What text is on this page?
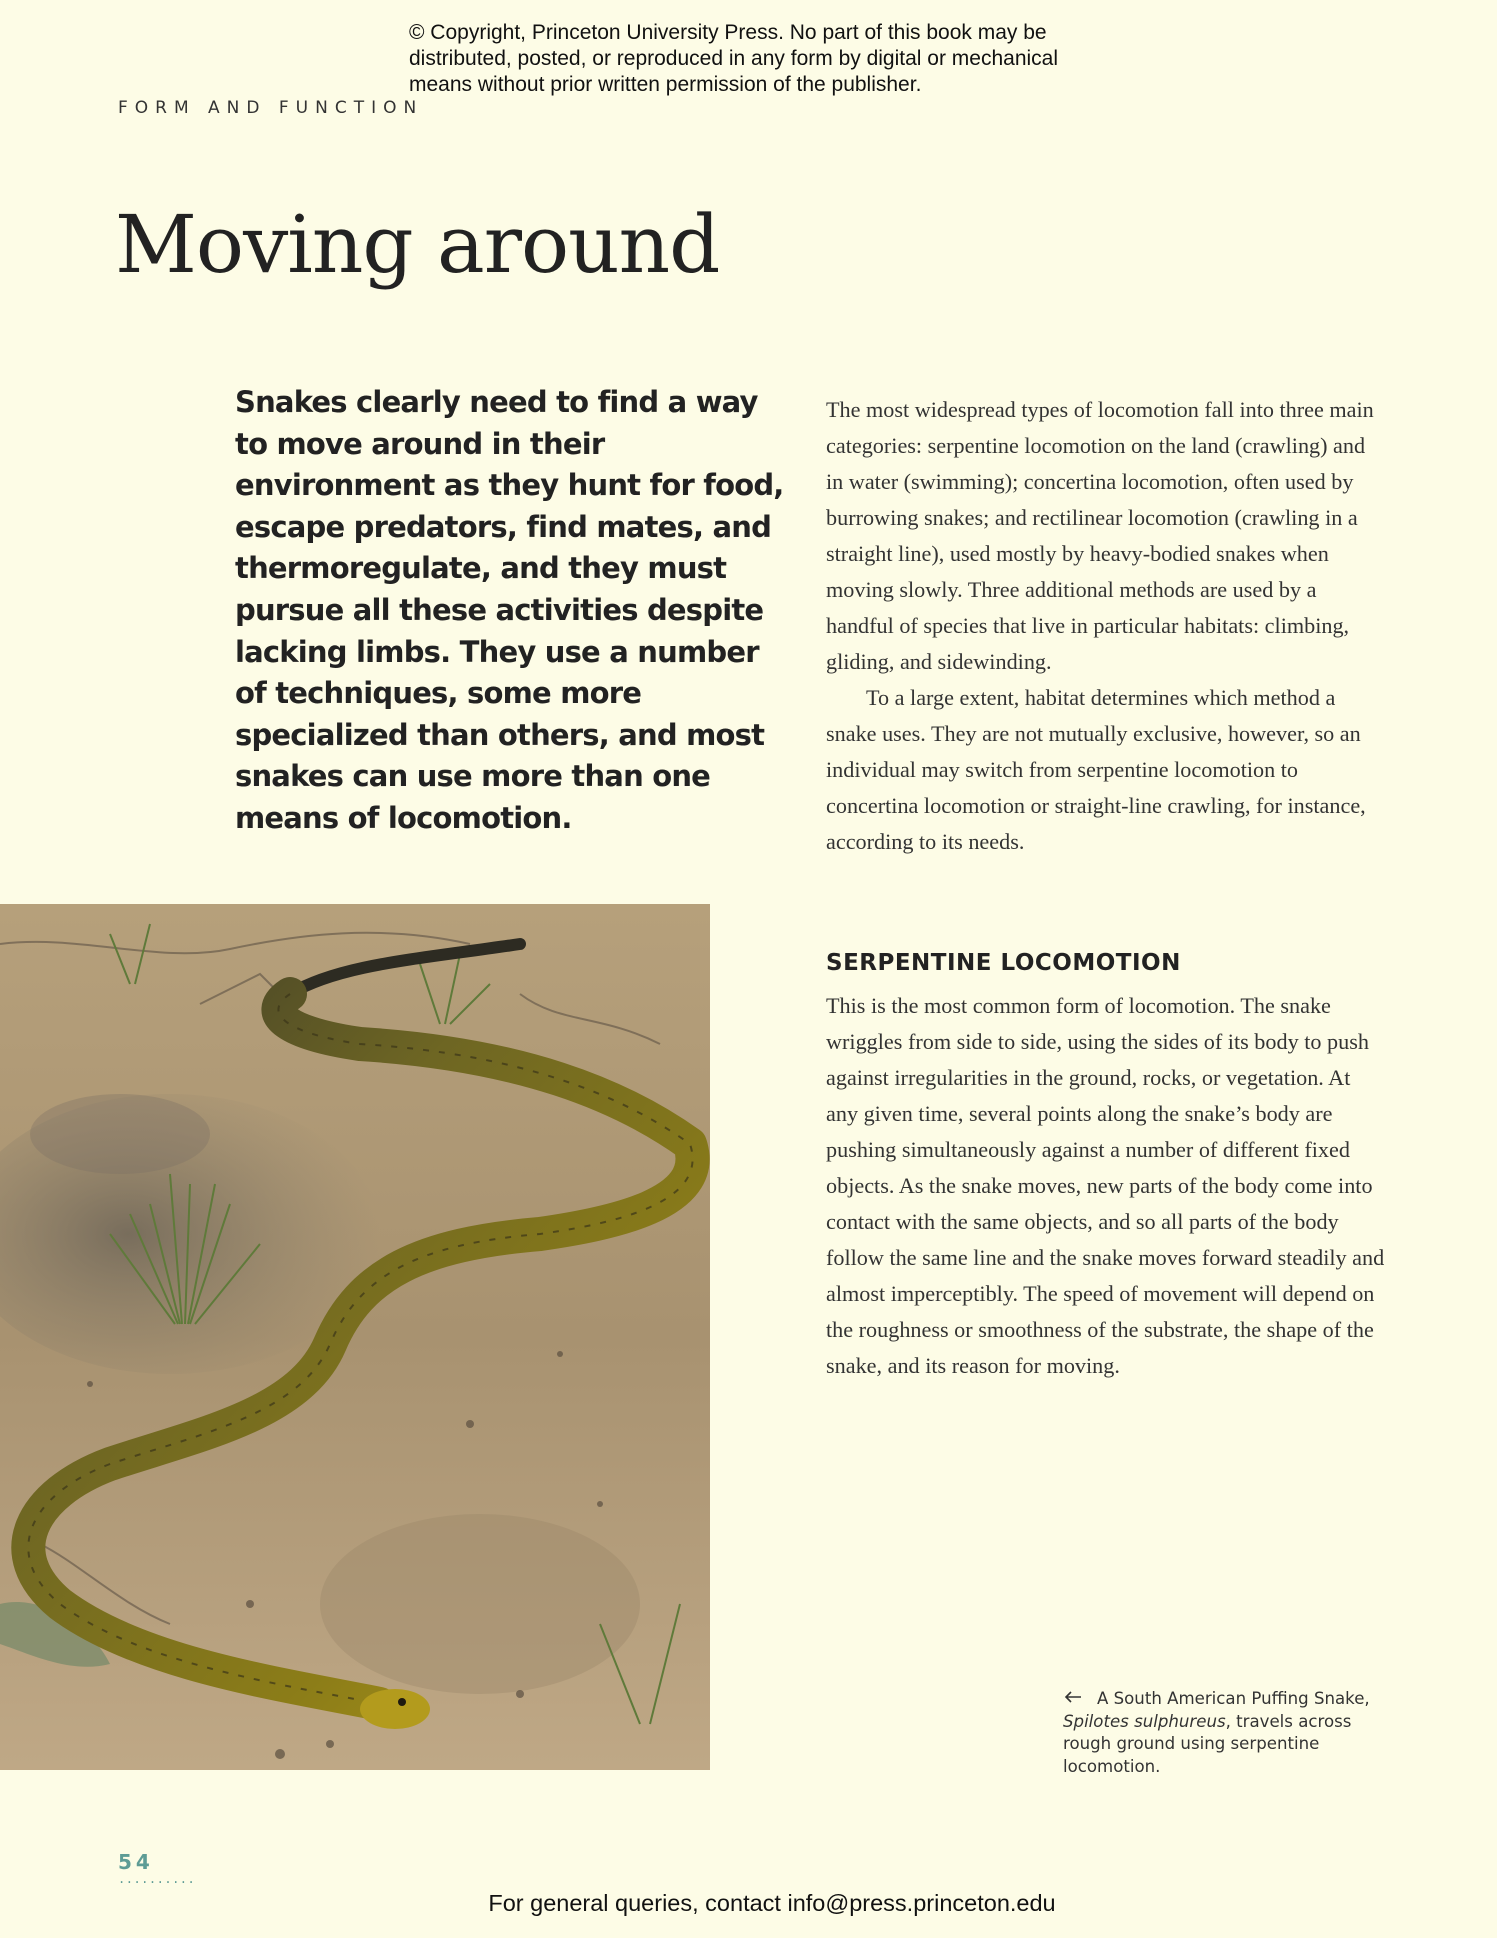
© Copyright, Princeton University Press. No part of this book may be distributed, posted, or reproduced in any form by digital or mechanical means without prior written permission of the publisher.

FORM AND FUNCTION
Moving around

Snakes clearly need to find a way to move around in their environment as they hunt for food, escape predators, find mates, and thermoregulate, and they must pursue all these activities despite lacking limbs. They use a number of techniques, some more specialized than others, and most snakes can use more than one means of locomotion.

The most widespread types of locomotion fall into three main categories: serpentine locomotion on the land (crawling) and in water (swimming); concertina locomotion, often used by burrowing snakes; and rectilinear locomotion (crawling in a straight line), used mostly by heavy-bodied snakes when moving slowly. Three additional methods are used by a handful of species that live in particular habitats: climbing, gliding, and sidewinding.

To a large extent, habitat determines which method a snake uses. They are not mutually exclusive, however, so an individual may switch from serpentine locomotion to concertina locomotion or straight-line crawling, for instance, according to its needs.

SERPENTINE LOCOMOTION

This is the most common form of locomotion. The snake wriggles from side to side, using the sides of its body to push against irregularities in the ground, rocks, or vegetation. At any given time, several points along the snake’s body are pushing simultaneously against a number of different fixed objects. As the snake moves, new parts of the body come into contact with the same objects, and so all parts of the body follow the same line and the snake moves forward steadily and almost imperceptibly. The speed of movement will depend on the roughness or smoothness of the substrate, the shape of the snake, and its reason for moving.

A South American Puffing Snake, Spilotes sulphureus, travels across rough ground using serpentine locomotion.

54
..........
For general queries, contact info@press.princeton.edu
